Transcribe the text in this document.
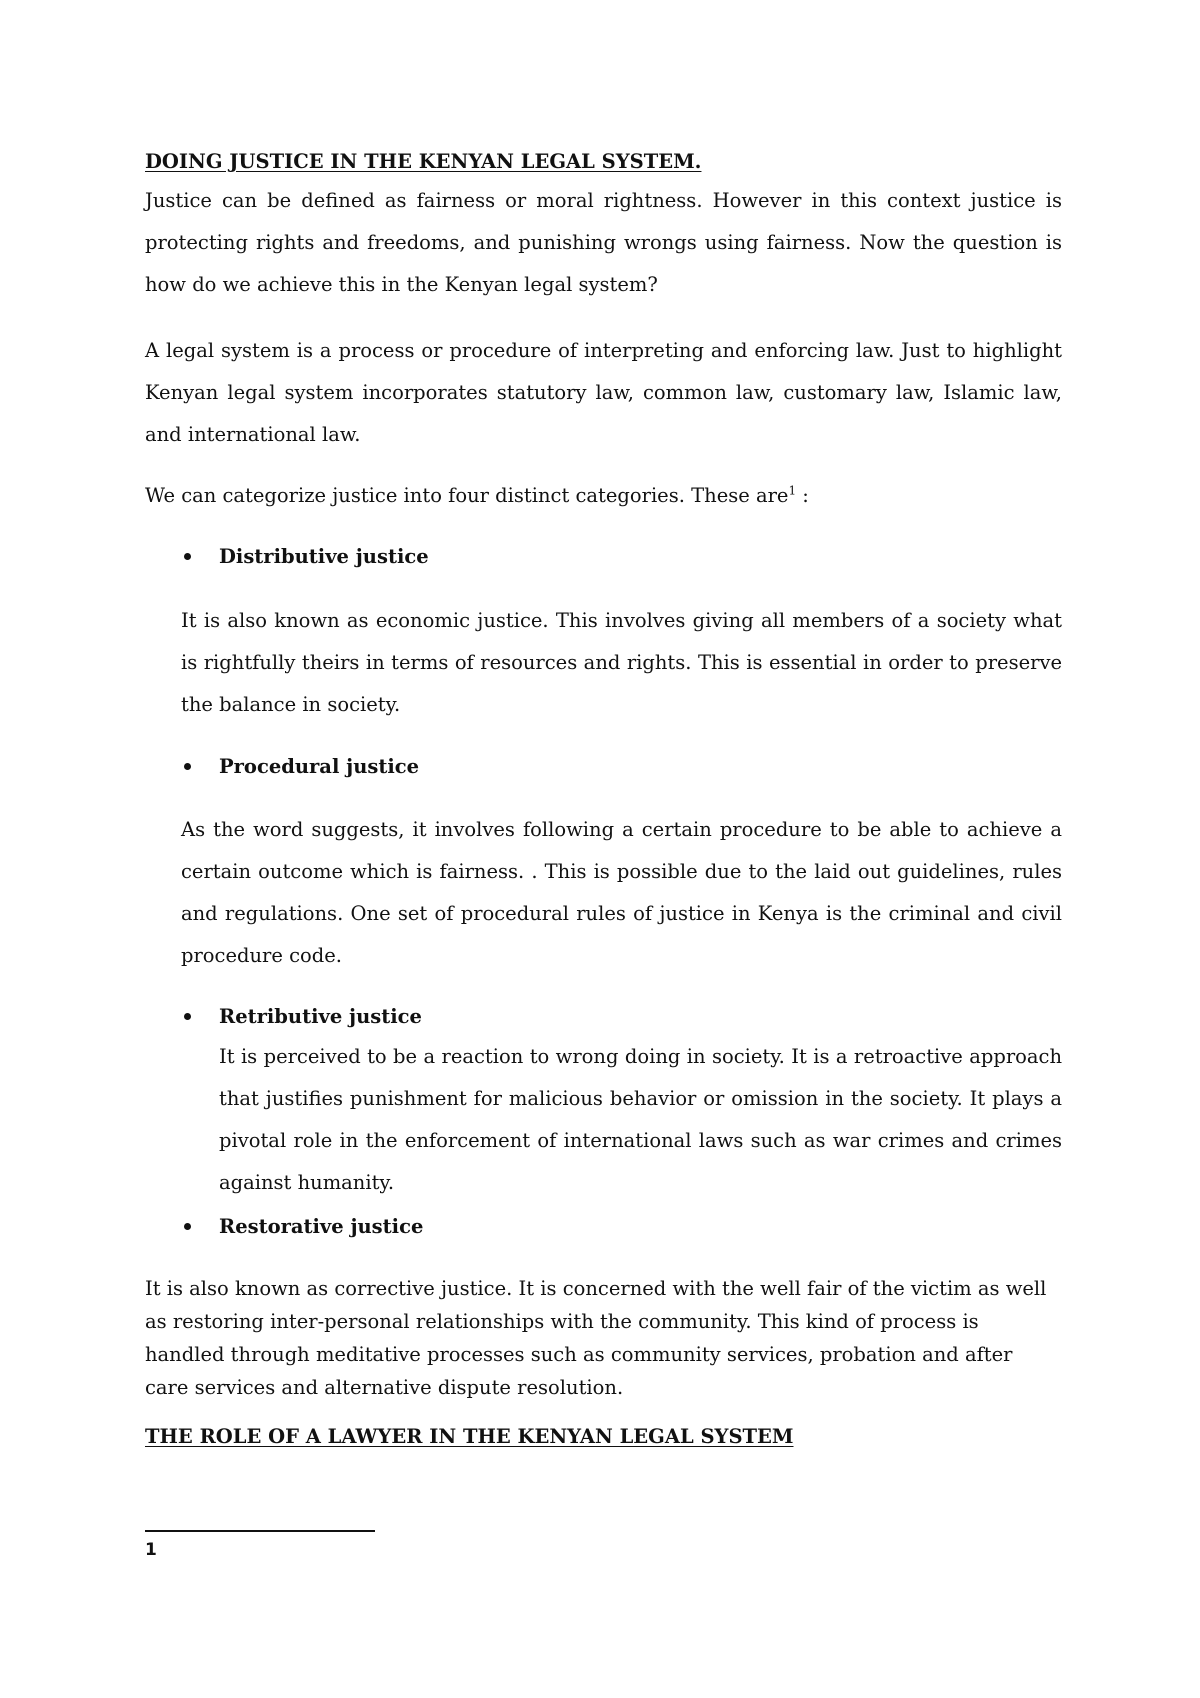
DOING JUSTICE IN THE KENYAN LEGAL SYSTEM.
Justice can be defined as fairness or moral rightness. However in this context justice is protecting rights and freedoms, and punishing wrongs using fairness. Now the question is how do we achieve this in the Kenyan legal system?
A legal system is a process or procedure of interpreting and enforcing law. Just to highlight Kenyan legal system incorporates statutory law, common law, customary law, Islamic law, and international law.
We can categorize justice into four distinct categories. These are$^1$ :
Distributive justice
It is also known as economic justice. This involves giving all members of a society what is rightfully theirs in terms of resources and rights. This is essential in order to preserve the balance in society.
Procedural justice
As the word suggests, it involves following a certain procedure to be able to achieve a certain outcome which is fairness. . This is possible due to the laid out guidelines, rules and regulations. One set of procedural rules of justice in Kenya is the criminal and civil procedure code.
Retributive justice
It is perceived to be a reaction to wrong doing in society. It is a retroactive approach that justifies punishment for malicious behavior or omission in the society. It plays a pivotal role in the enforcement of international laws such as war crimes and crimes against humanity.
Restorative justice
It is also known as corrective justice. It is concerned with the well fair of the victim as well as restoring inter-personal relationships with the community. This kind of process is handled through meditative processes such as community services, probation and after care services and alternative dispute resolution.
THE ROLE OF A LAWYER IN THE KENYAN LEGAL SYSTEM
1
